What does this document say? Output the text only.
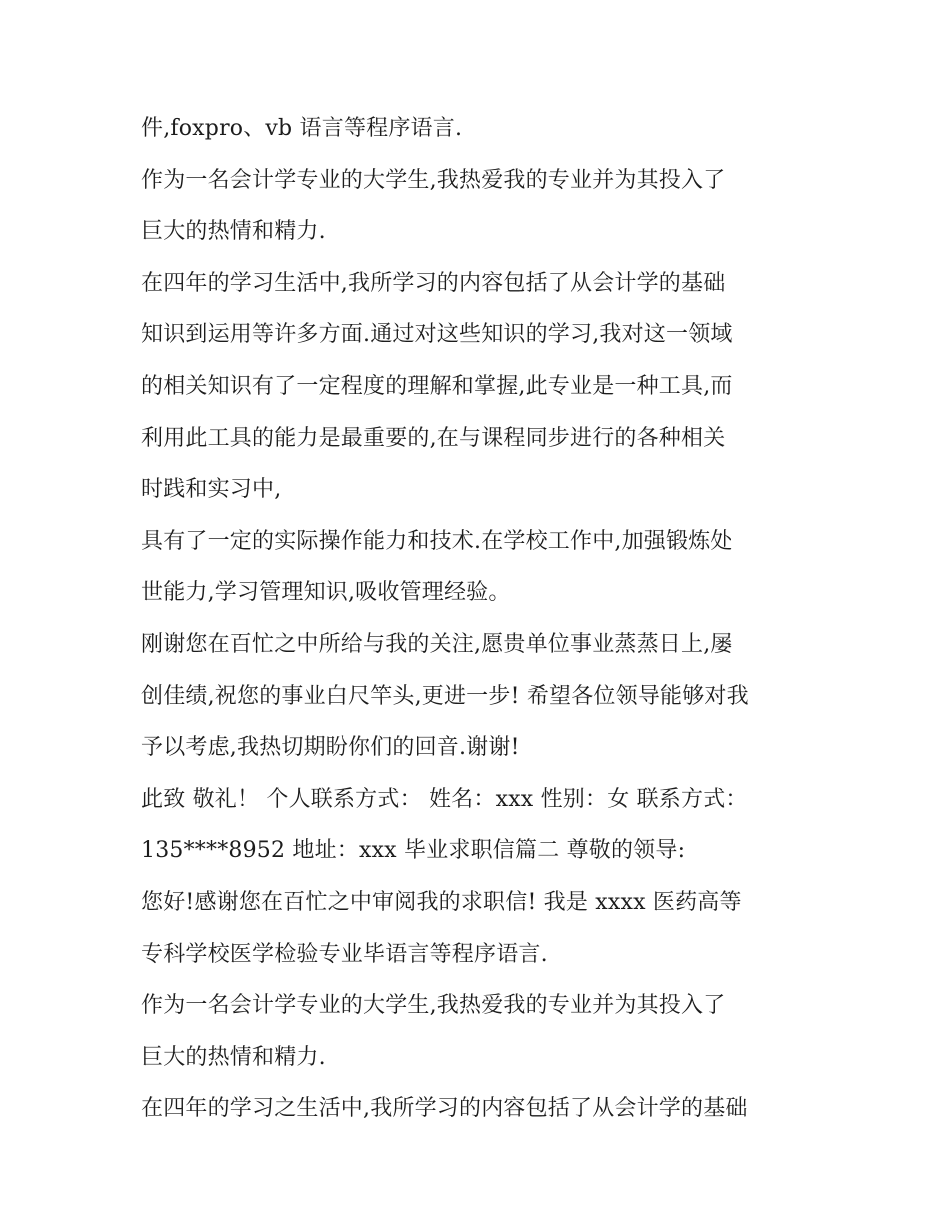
件,foxpro、vb 语言等程序语言.
作为一名会计学专业的大学生,我热爱我的专业并为其投入了
巨大的热情和精力.
在四年的学习生活中,我所学习的内容包括了从会计学的基础
知识到运用等许多方面.通过对这些知识的学习,我对这一领域
的相关知识有了一定程度的理解和掌握,此专业是一种工具,而
利用此工具的能力是最重要的,在与课程同步进行的各种相关
时践和实习中,
具有了一定的实际操作能力和技术.在学校工作中,加强锻炼处
世能力,学习管理知识,吸收管理经验。
刚谢您在百忙之中所给与我的关注,愿贵单位事业蒸蒸日上,屡
创佳绩,祝您的事业白尺竿头,更进一步! 希望各位领导能够对我
予以考虑,我热切期盼你们的回音.谢谢!
此致 敬礼！ 个人联系方式： 姓名：xxx 性别：女 联系方式：
135****8952 地址：xxx 毕业求职信篇二 尊敬的领导:
您好!感谢您在百忙之中审阅我的求职信! 我是 xxxx 医药高等
专科学校医学检验专业毕语言等程序语言.
作为一名会计学专业的大学生,我热爱我的专业并为其投入了
巨大的热情和精力.
在四年的学习之生活中,我所学习的内容包括了从会计学的基础
